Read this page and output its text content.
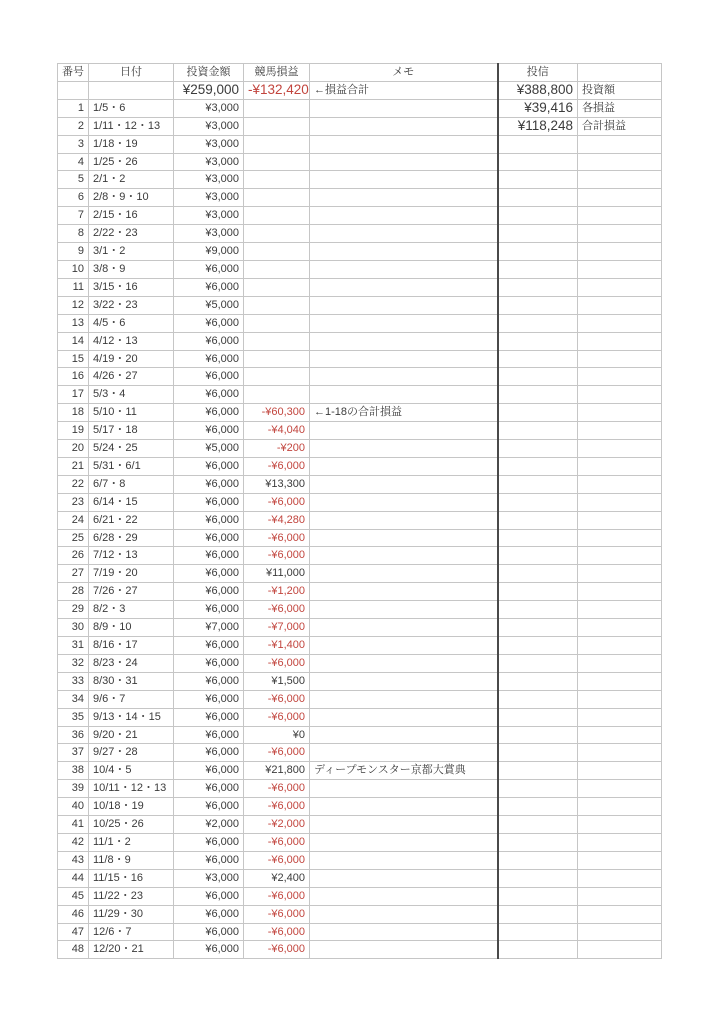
番号	日付	投資金額	競馬損益	メモ	投信	
		¥259,000	-¥132,420	←損益合計	¥388,800	投資額
1	1/5・6	¥3,000			¥39,416	各損益
2	1/11・12・13	¥3,000			¥118,248	合計損益
3	1/18・19	¥3,000				
4	1/25・26	¥3,000				
5	2/1・2	¥3,000				
6	2/8・9・10	¥3,000				
7	2/15・16	¥3,000				
8	2/22・23	¥3,000				
9	3/1・2	¥9,000				
10	3/8・9	¥6,000				
11	3/15・16	¥6,000				
12	3/22・23	¥5,000				
13	4/5・6	¥6,000				
14	4/12・13	¥6,000				
15	4/19・20	¥6,000				
16	4/26・27	¥6,000				
17	5/3・4	¥6,000				
18	5/10・11	¥6,000	-¥60,300	←1-18の合計損益		
19	5/17・18	¥6,000	-¥4,040			
20	5/24・25	¥5,000	-¥200			
21	5/31・6/1	¥6,000	-¥6,000			
22	6/7・8	¥6,000	¥13,300			
23	6/14・15	¥6,000	-¥6,000			
24	6/21・22	¥6,000	-¥4,280			
25	6/28・29	¥6,000	-¥6,000			
26	7/12・13	¥6,000	-¥6,000			
27	7/19・20	¥6,000	¥11,000			
28	7/26・27	¥6,000	-¥1,200			
29	8/2・3	¥6,000	-¥6,000			
30	8/9・10	¥7,000	-¥7,000			
31	8/16・17	¥6,000	-¥1,400			
32	8/23・24	¥6,000	-¥6,000			
33	8/30・31	¥6,000	¥1,500			
34	9/6・7	¥6,000	-¥6,000			
35	9/13・14・15	¥6,000	-¥6,000			
36	9/20・21	¥6,000	¥0			
37	9/27・28	¥6,000	-¥6,000			
38	10/4・5	¥6,000	¥21,800	ディープモンスター京都大賞典		
39	10/11・12・13	¥6,000	-¥6,000			
40	10/18・19	¥6,000	-¥6,000			
41	10/25・26	¥2,000	-¥2,000			
42	11/1・2	¥6,000	-¥6,000			
43	11/8・9	¥6,000	-¥6,000			
44	11/15・16	¥3,000	¥2,400			
45	11/22・23	¥6,000	-¥6,000			
46	11/29・30	¥6,000	-¥6,000			
47	12/6・7	¥6,000	-¥6,000			
48	12/20・21	¥6,000	-¥6,000			
